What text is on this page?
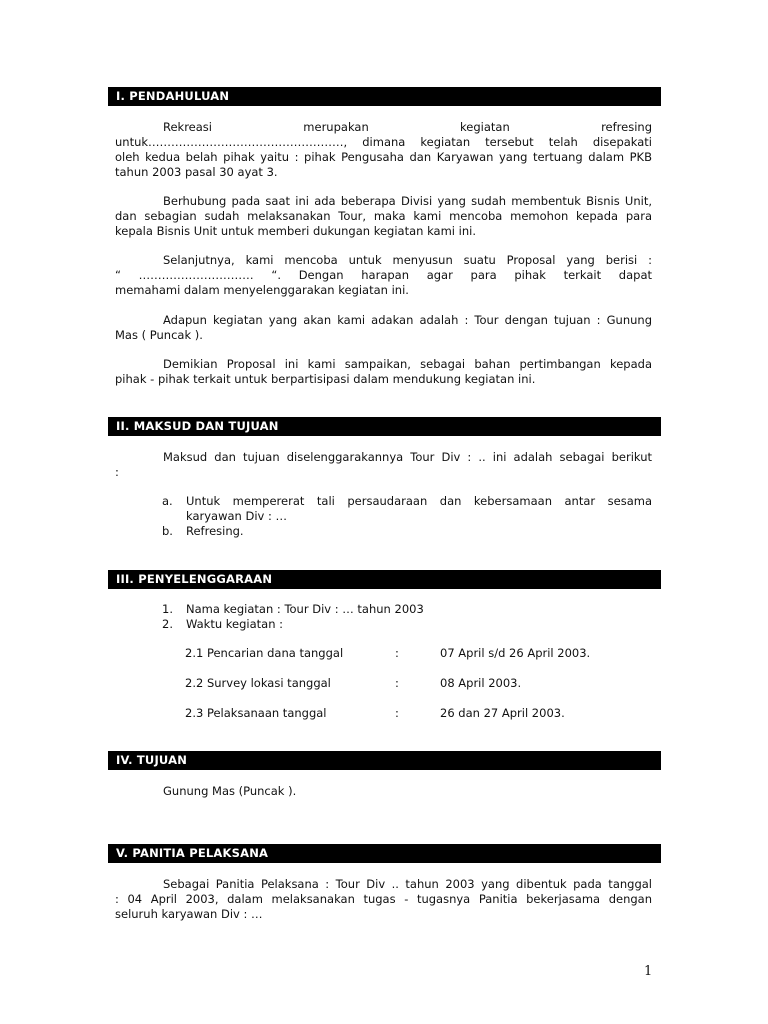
I. PENDAHULUAN
Rekreasi merupakan kegiatan refresing
untuk……………………………………………, dimana kegiatan tersebut telah disepakati
oleh kedua belah pihak yaitu : pihak Pengusaha dan Karyawan yang tertuang dalam PKB
tahun 2003 pasal 30 ayat 3.
Berhubung pada saat ini ada beberapa Divisi yang sudah membentuk Bisnis Unit,
dan sebagian sudah melaksanakan Tour, maka kami mencoba memohon kepada para
kepala Bisnis Unit untuk memberi dukungan kegiatan kami ini.
Selanjutnya, kami mencoba untuk menyusun suatu Proposal yang berisi :
“ ………………………… “. Dengan harapan agar para pihak terkait dapat
memahami dalam menyelenggarakan kegiatan ini.
Adapun kegiatan yang akan kami adakan adalah : Tour dengan tujuan : Gunung
Mas ( Puncak ).
Demikian Proposal ini kami sampaikan, sebagai bahan pertimbangan kepada
pihak - pihak terkait untuk berpartisipasi dalam mendukung kegiatan ini.
II. MAKSUD DAN TUJUAN
Maksud dan tujuan diselenggarakannya Tour Div : .. ini adalah sebagai berikut
:
a. Untuk mempererat tali persaudaraan dan kebersamaan antar sesama
karyawan Div : …
b. Refresing.
III. PENYELENGGARAAN
1. Nama kegiatan : Tour Div : … tahun 2003
2. Waktu kegiatan :
2.1 Pencarian dana tanggal	:	07 April s/d 26 April 2003.
2.2 Survey lokasi tanggal	:	08 April 2003.
2.3 Pelaksanaan tanggal	:	26 dan 27 April 2003.
IV. TUJUAN
Gunung Mas (Puncak ).
V. PANITIA PELAKSANA
Sebagai Panitia Pelaksana : Tour Div .. tahun 2003 yang dibentuk pada tanggal
: 04 April 2003, dalam melaksanakan tugas - tugasnya Panitia bekerjasama dengan
seluruh karyawan Div : …
1
